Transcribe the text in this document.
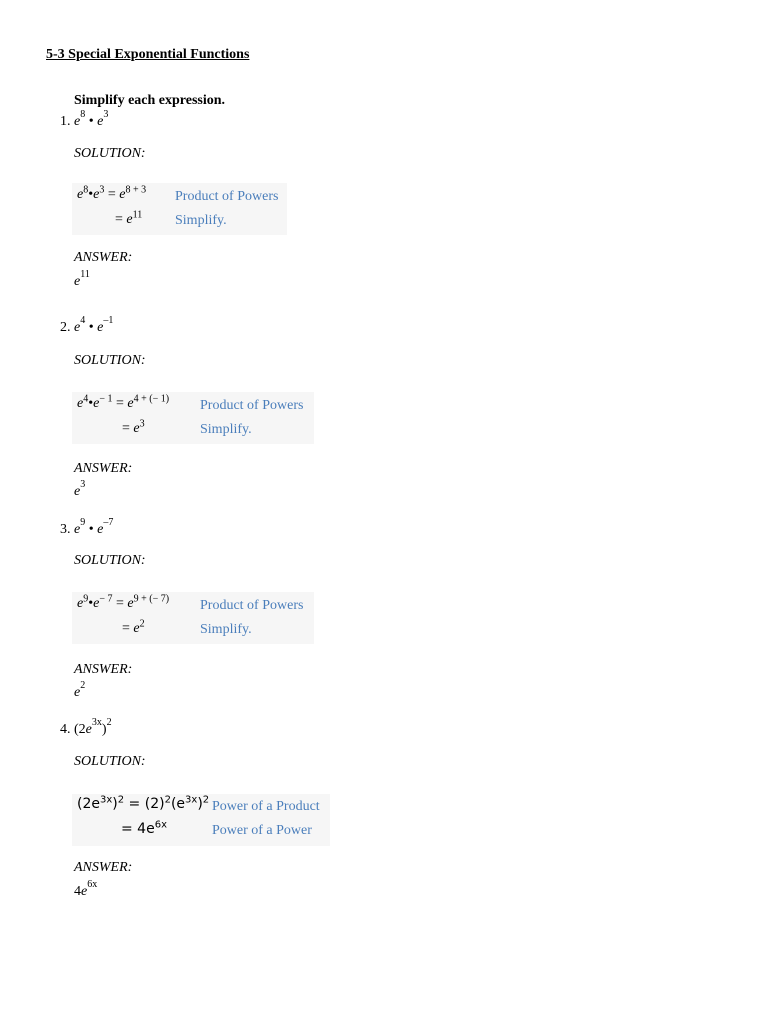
5-3 Special Exponential Functions
Simplify each expression.
1. $e^8$ • $e^3$
SOLUTION:
$e^8•e^3 = e^{8 + 3}$
= $e^{11}$
Product of Powers
Simplify.
ANSWER:
$e^{11}$
2. $e^4$ • $e^{-1}$
SOLUTION:
$e^4•e^{- 1} = e^{4 + (- 1)}$
= $e^3$
Product of Powers
Simplify.
ANSWER:
$e^3$
3. $e^9$ • $e^{-7}$
SOLUTION:
$e^9•e^{- 7} = e^{9 + (- 7)}$
= $e^2$
Product of Powers
Simplify.
ANSWER:
$e^2$
4. $(2e^{3x})^2$
SOLUTION:
$(2e^{3x})^2 = (2)^2(e^{3x})^2$
= $4e^{6x}$
Power of a Product
Power of a Power
ANSWER:
$4e^{6x}$
